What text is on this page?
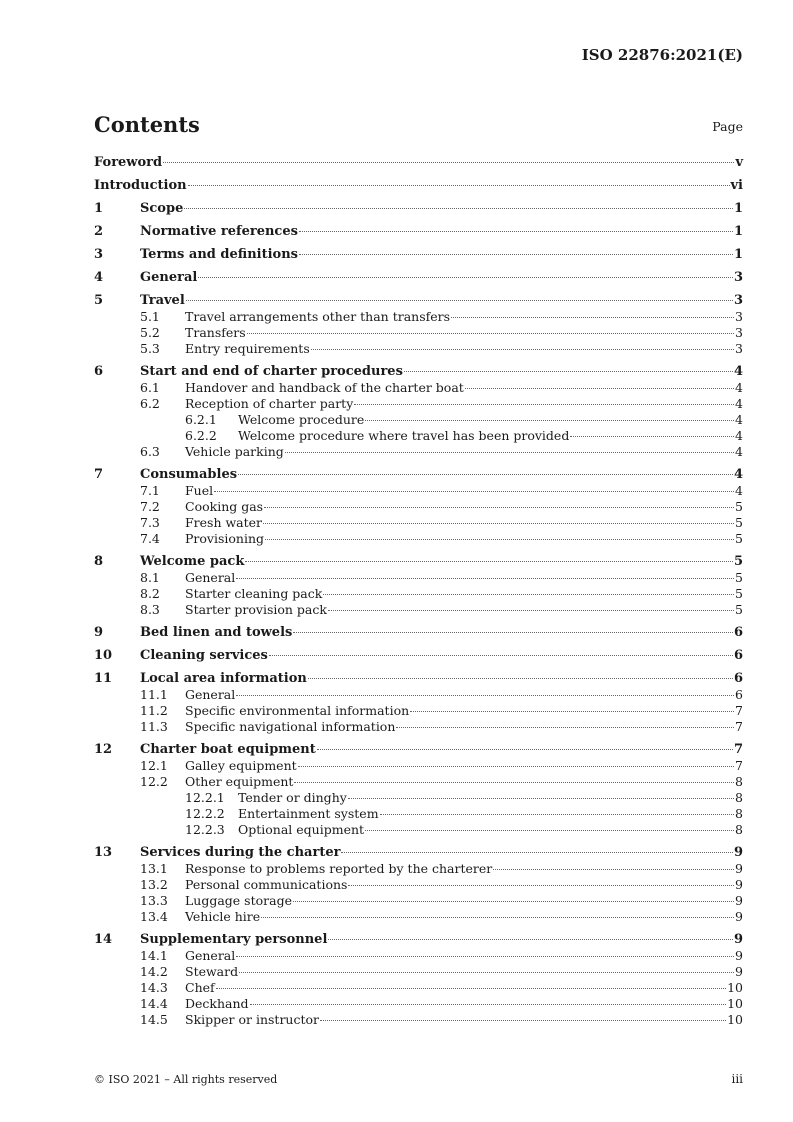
ISO 22876:2021(E)
Contents	Page
Foreword	v
Introduction	vi
1	Scope	1
2	Normative references	1
3	Terms and definitions	1
4	General	3
5	Travel	3
5.1	Travel arrangements other than transfers	3
5.2	Transfers	3
5.3	Entry requirements	3
6	Start and end of charter procedures	4
6.1	Handover and handback of the charter boat	4
6.2	Reception of charter party	4
6.2.1	Welcome procedure	4
6.2.2	Welcome procedure where travel has been provided	4
6.3	Vehicle parking	4
7	Consumables	4
7.1	Fuel	4
7.2	Cooking gas	5
7.3	Fresh water	5
7.4	Provisioning	5
8	Welcome pack	5
8.1	General	5
8.2	Starter cleaning pack	5
8.3	Starter provision pack	5
9	Bed linen and towels	6
10	Cleaning services	6
11	Local area information	6
11.1	General	6
11.2	Specific environmental information	7
11.3	Specific navigational information	7
12	Charter boat equipment	7
12.1	Galley equipment	7
12.2	Other equipment	8
12.2.1	Tender or dinghy	8
12.2.2	Entertainment system	8
12.2.3	Optional equipment	8
13	Services during the charter	9
13.1	Response to problems reported by the charterer	9
13.2	Personal communications	9
13.3	Luggage storage	9
13.4	Vehicle hire	9
14	Supplementary personnel	9
14.1	General	9
14.2	Steward	9
14.3	Chef	10
14.4	Deckhand	10
14.5	Skipper or instructor	10
© ISO 2021 – All rights reserved	iii
